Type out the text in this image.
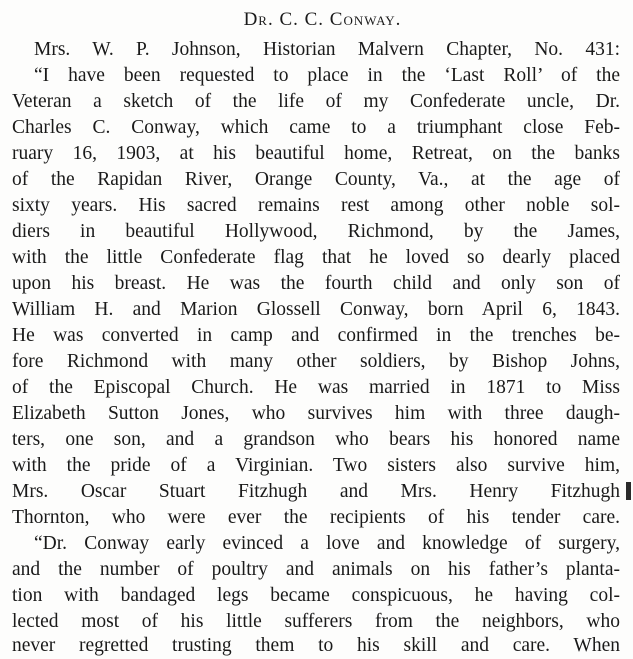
Dr. C. C. Conway.
Mrs. W. P. Johnson, Historian Malvern Chapter, No. 431:
“I have been requested to place in the ‘Last Roll’ of the
Veteran a sketch of the life of my Confederate uncle, Dr.
Charles C. Conway, which came to a triumphant close Feb-
ruary 16, 1903, at his beautiful home, Retreat, on the banks
of the Rapidan River, Orange County, Va., at the age of
sixty years. His sacred remains rest among other noble sol-
diers in beautiful Hollywood, Richmond, by the James,
with the little Confederate flag that he loved so dearly placed
upon his breast. He was the fourth child and only son of
William H. and Marion Glossell Conway, born April 6, 1843.
He was converted in camp and confirmed in the trenches be-
fore Richmond with many other soldiers, by Bishop Johns,
of the Episcopal Church. He was married in 1871 to Miss
Elizabeth Sutton Jones, who survives him with three daugh-
ters, one son, and a grandson who bears his honored name
with the pride of a Virginian. Two sisters also survive him,
Mrs. Oscar Stuart Fitzhugh and Mrs. Henry Fitzhugh
Thornton, who were ever the recipients of his tender care.
“Dr. Conway early evinced a love and knowledge of surgery,
and the number of poultry and animals on his father’s planta-
tion with bandaged legs became conspicuous, he having col-
lected most of his little sufferers from the neighbors, who
never regretted trusting them to his skill and care. When
